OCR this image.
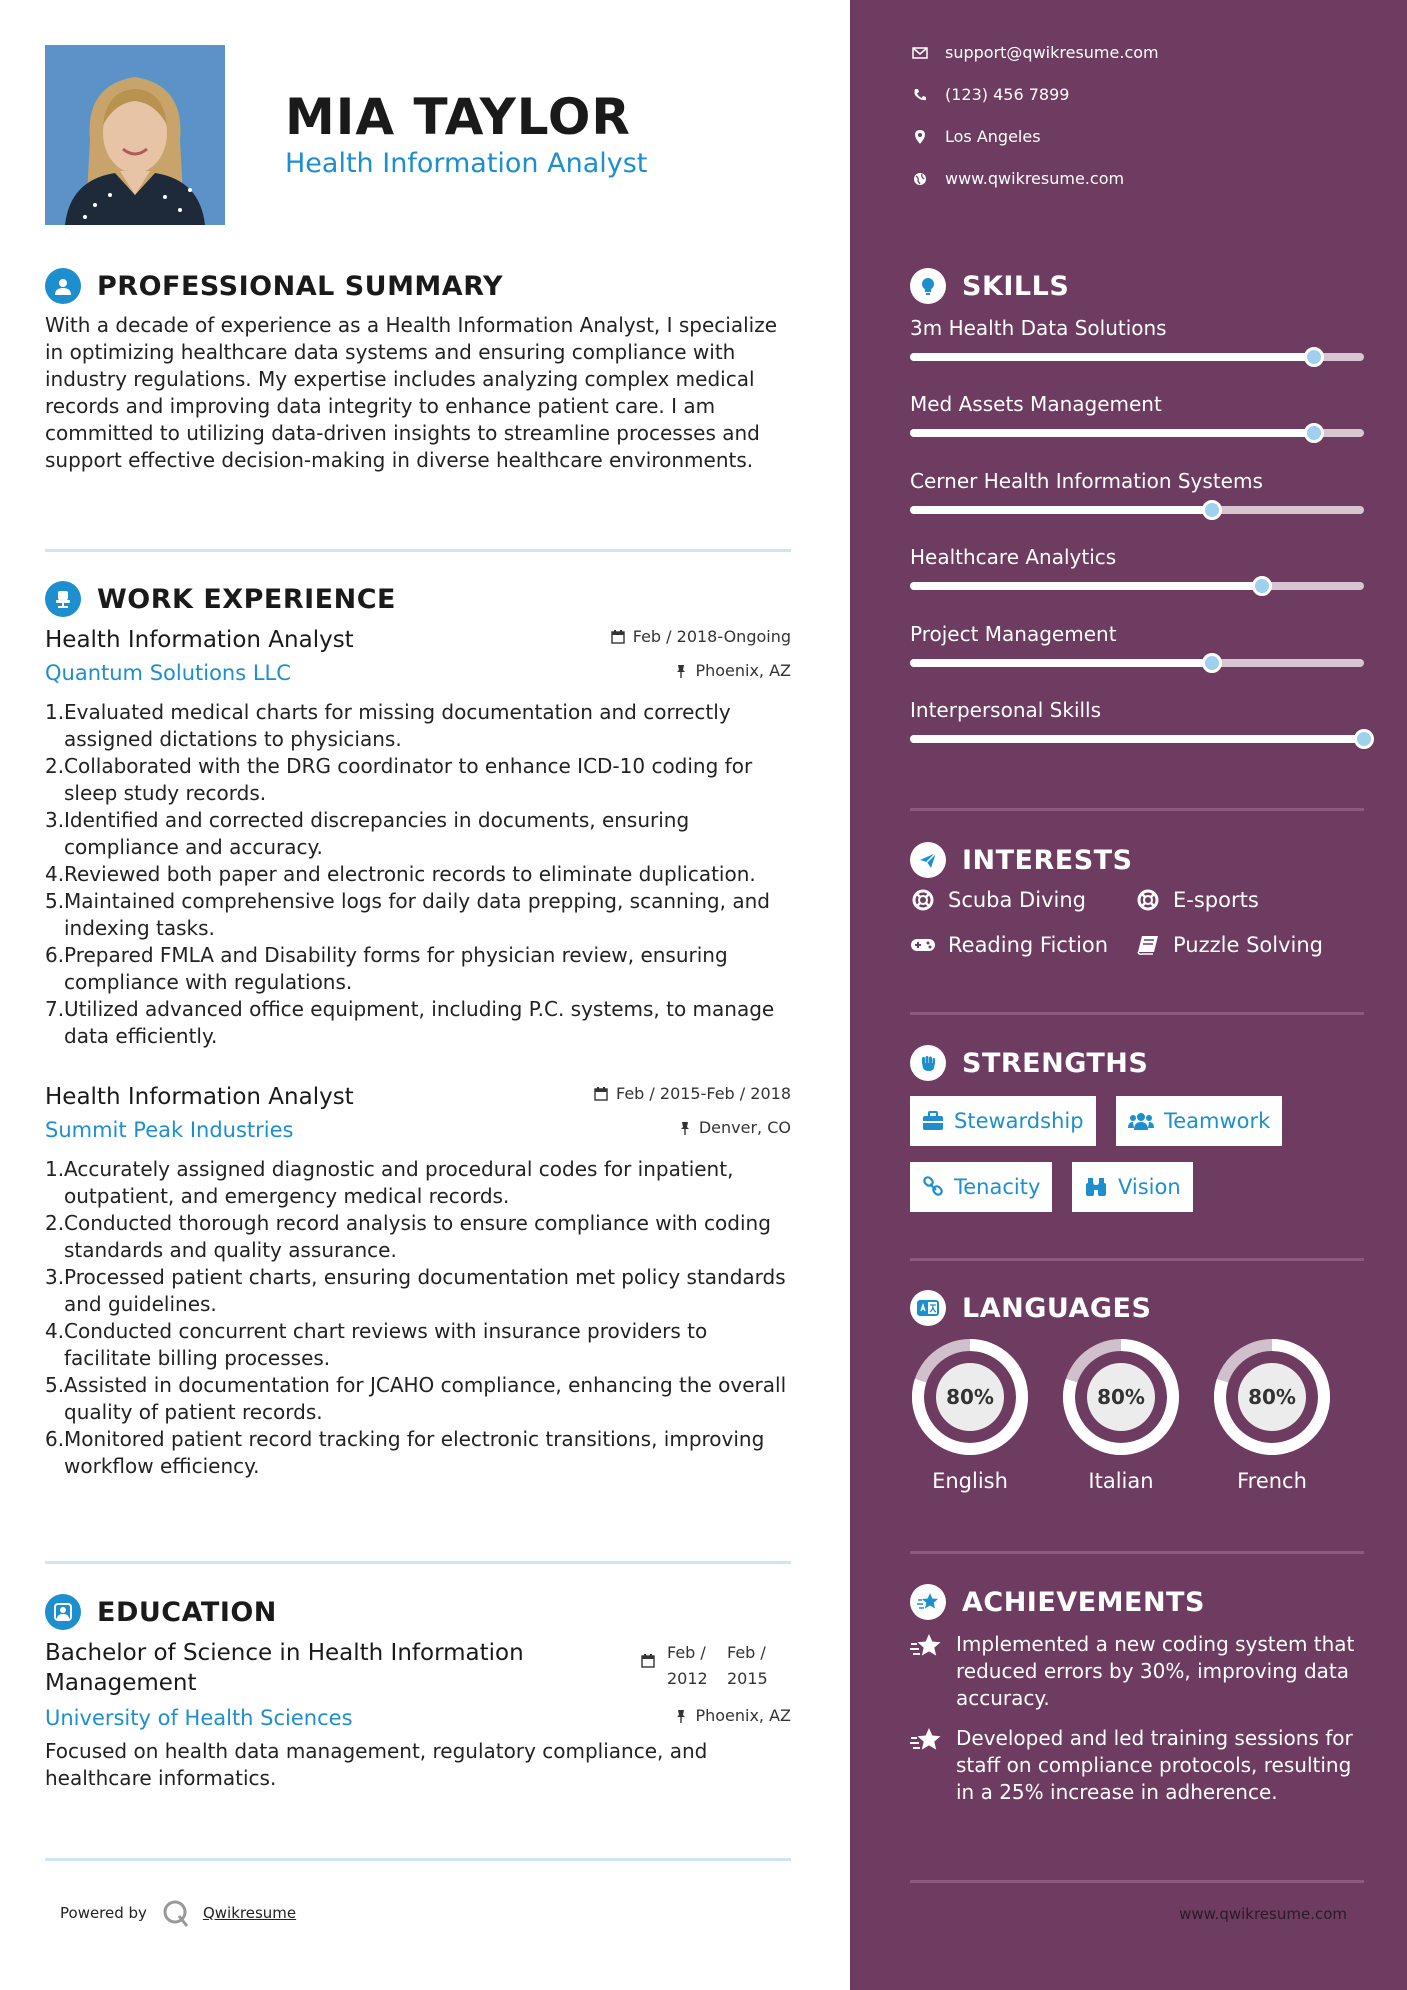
MIA TAYLOR
Health Information Analyst
PROFESSIONAL SUMMARY

With a decade of experience as a Health Information Analyst, I specialize in optimizing healthcare data systems and ensuring compliance with industry regulations. My expertise includes analyzing complex medical records and improving data integrity to enhance patient care. I am committed to utilizing data-driven insights to streamline processes and support effective decision-making in diverse healthcare environments.

WORK EXPERIENCE
Feb / 2018-Ongoing
Phoenix, AZ
Health Information Analyst
Quantum Solutions LLC
1.Evaluated medical charts for missing documentation and correctly assigned dictations to physicians.
2.Collaborated with the DRG coordinator to enhance ICD-10 coding for sleep study records.
3.Identified and corrected discrepancies in documents, ensuring compliance and accuracy.
4.Reviewed both paper and electronic records to eliminate duplication.
5.Maintained comprehensive logs for daily data prepping, scanning, and indexing tasks.
6.Prepared FMLA and Disability forms for physician review, ensuring compliance with regulations.
7.Utilized advanced office equipment, including P.C. systems, to manage data efficiently.
Feb / 2015-Feb / 2018
Denver, CO
Health Information Analyst
Summit Peak Industries
1.Accurately assigned diagnostic and procedural codes for inpatient, outpatient, and emergency medical records.
2.Conducted thorough record analysis to ensure compliance with coding standards and quality assurance.
3.Processed patient charts, ensuring documentation met policy standards and guidelines.
4.Conducted concurrent chart reviews with insurance providers to facilitate billing processes.
5.Assisted in documentation for JCAHO compliance, enhancing the overall quality of patient records.
6.Monitored patient record tracking for electronic transitions, improving workflow efficiency.
EDUCATION
Feb /
2012
Feb /
2015
Phoenix, AZ
Bachelor of Science in Health Information Management
University of Health Sciences

Focused on health data management, regulatory compliance, and healthcare informatics.

Powered by	Qwikresume
support@qwikresume.com
(123) 456 7899
Los Angeles
www.qwikresume.com
SKILLS
3m Health Data Solutions
Med Assets Management
Cerner Health Information Systems
Healthcare Analytics
Project Management
Interpersonal Skills
INTERESTS
Scuba Diving	E-sports
Reading Fiction	Puzzle Solving
STRENGTHS
Stewardship	Teamwork
Tenacity	Vision
LANGUAGES
80%
English
80%
Italian
80%
French
ACHIEVEMENTS
Implemented a new coding system that reduced errors by 30%, improving data accuracy.
Developed and led training sessions for staff on compliance protocols, resulting in a 25% increase in adherence.
www.qwikresume.com
